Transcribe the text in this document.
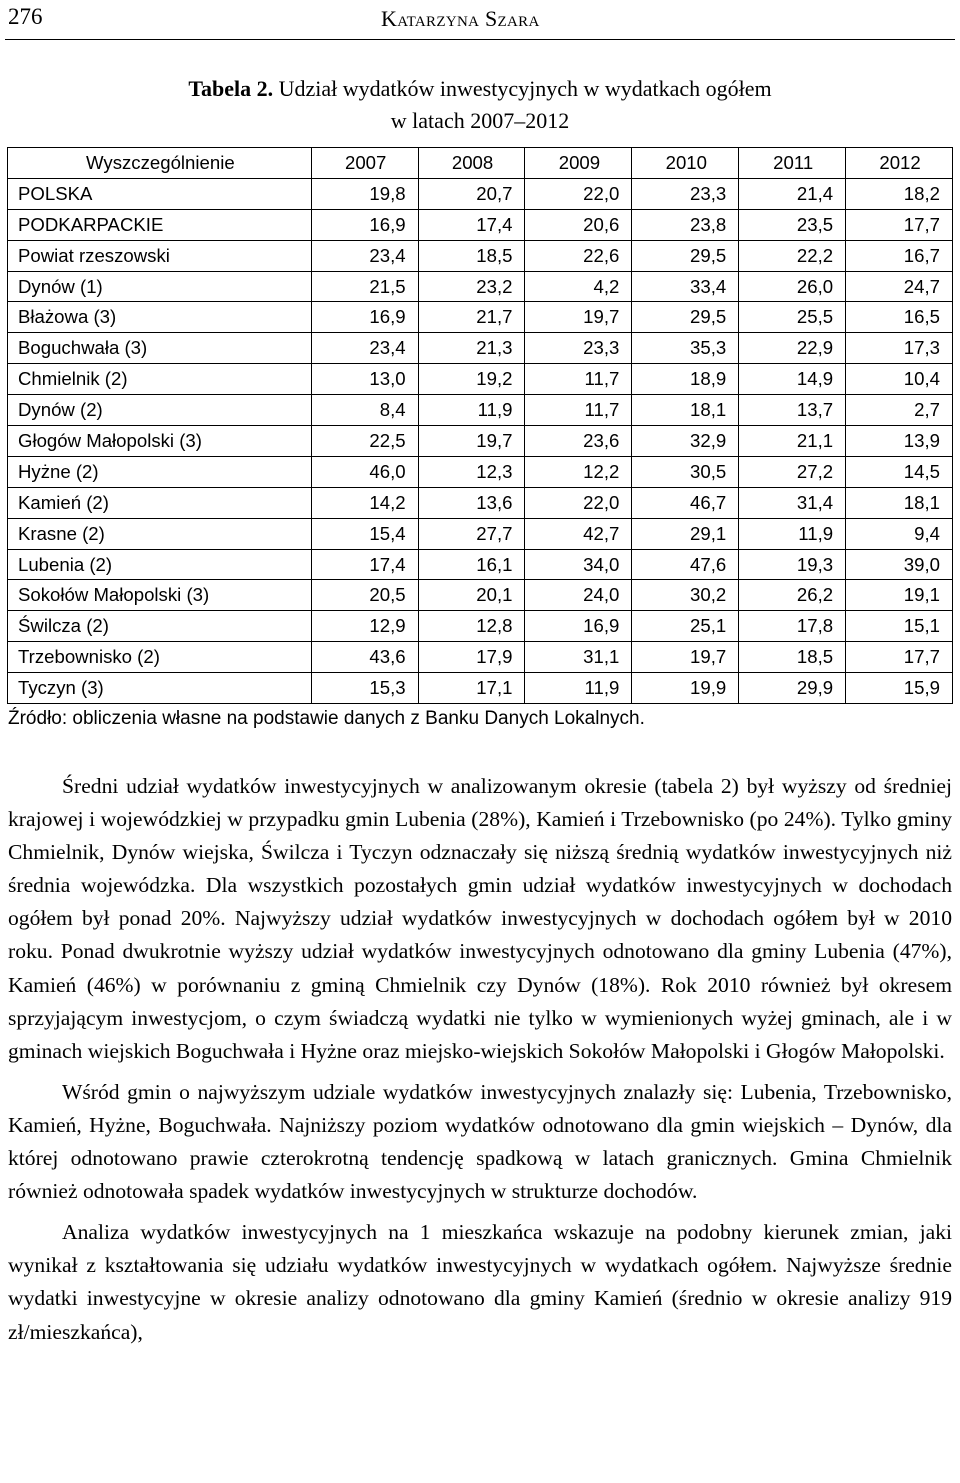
276	Katarzyna Szara
Tabela 2. Udział wydatków inwestycyjnych w wydatkach ogółem
w latach 2007–2012
Wyszczególnienie	2007	2008	2009	2010	2011	2012
POLSKA	19,8	20,7	22,0	23,3	21,4	18,2
PODKARPACKIE	16,9	17,4	20,6	23,8	23,5	17,7
Powiat rzeszowski	23,4	18,5	22,6	29,5	22,2	16,7
Dynów (1)	21,5	23,2	4,2	33,4	26,0	24,7
Błażowa (3)	16,9	21,7	19,7	29,5	25,5	16,5
Boguchwała (3)	23,4	21,3	23,3	35,3	22,9	17,3
Chmielnik (2)	13,0	19,2	11,7	18,9	14,9	10,4
Dynów (2)	8,4	11,9	11,7	18,1	13,7	2,7
Głogów Małopolski (3)	22,5	19,7	23,6	32,9	21,1	13,9
Hyżne (2)	46,0	12,3	12,2	30,5	27,2	14,5
Kamień (2)	14,2	13,6	22,0	46,7	31,4	18,1
Krasne (2)	15,4	27,7	42,7	29,1	11,9	9,4
Lubenia (2)	17,4	16,1	34,0	47,6	19,3	39,0
Sokołów Małopolski (3)	20,5	20,1	24,0	30,2	26,2	19,1
Świlcza (2)	12,9	12,8	16,9	25,1	17,8	15,1
Trzebownisko (2)	43,6	17,9	31,1	19,7	18,5	17,7
Tyczyn (3)	15,3	17,1	11,9	19,9	29,9	15,9
Źródło: obliczenia własne na podstawie danych z Banku Danych Lokalnych.

Średni udział wydatków inwestycyjnych w analizowanym okresie (tabela 2) był wyższy od średniej krajowej i wojewódzkiej w przypadku gmin Lubenia (28%), Kamień i Trzebownisko (po 24%). Tylko gminy Chmielnik, Dynów wiejska, Świlcza i Tyczyn odznaczały się niższą średnią wydatków inwestycyjnych niż średnia wojewódzka. Dla wszystkich pozostałych gmin udział wydatków inwestycyjnych w dochodach ogółem był ponad 20%. Najwyższy udział wydatków inwestycyjnych w dochodach ogółem był w 2010 roku. Ponad dwukrotnie wyższy udział wydatków inwestycyjnych odnotowano dla gminy Lubenia (47%), Kamień (46%) w porównaniu z gminą Chmielnik czy Dynów (18%). Rok 2010 również był okresem sprzyjającym inwestycjom, o czym świadczą wydatki nie tylko w wymienionych wyżej gminach, ale i w gminach wiejskich Boguchwała i Hyżne oraz miejsko-wiejskich Sokołów Małopolski i Głogów Małopolski.

Wśród gmin o najwyższym udziale wydatków inwestycyjnych znalazły się: Lubenia, Trzebownisko, Kamień, Hyżne, Boguchwała. Najniższy poziom wydatków odnotowano dla gmin wiejskich – Dynów, dla której odnotowano prawie czterokrotną tendencję spadkową w latach granicznych. Gmina Chmielnik również odnotowała spadek wydatków inwestycyjnych w strukturze dochodów.

Analiza wydatków inwestycyjnych na 1 mieszkańca wskazuje na podobny kierunek zmian, jaki wynikał z kształtowania się udziału wydatków inwestycyjnych w wydatkach ogółem. Najwyższe średnie wydatki inwestycyjne w okresie analizy odnotowano dla gminy Kamień (średnio w okresie analizy 919 zł/mieszkańca),
